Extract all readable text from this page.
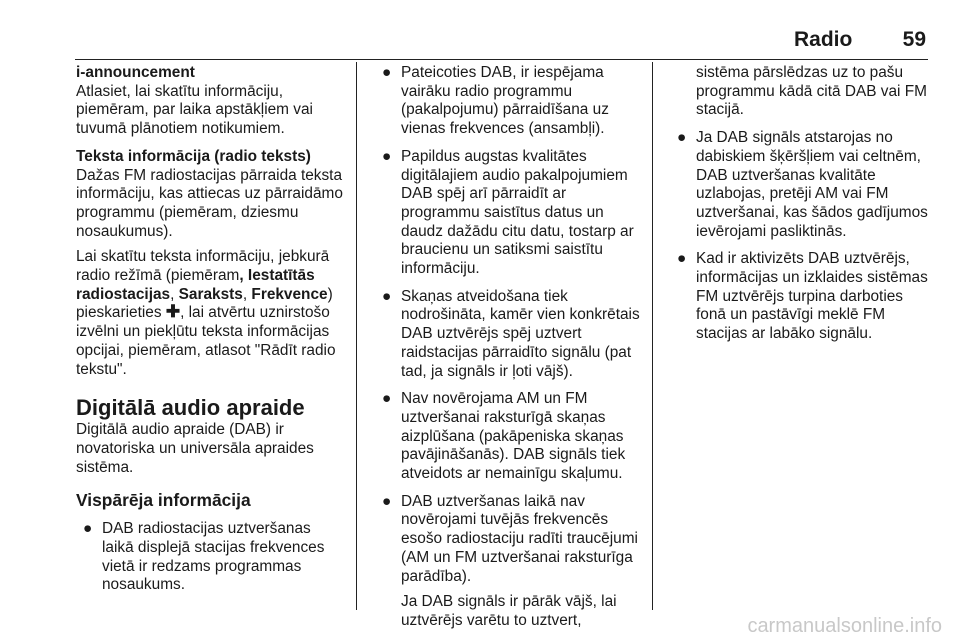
Radio 59

i-announcement

Atlasiet, lai skatītu informāciju, piemēram, par laika apstākļiem vai tuvumā plānotiem notikumiem.

Teksta informācija (radio teksts)

Dažas FM radiostacijas pārraida teksta informāciju, kas attiecas uz pārraidāmo programmu (piemēram, dziesmu nosaukumus).

Lai skatītu teksta informāciju, jebkurā radio režīmā (piemēram, Iestatītās radiostacijas, Saraksts, Frekvence) pieskarieties ✚, lai atvērtu uznirstošo izvēlni un piekļūtu teksta informācijas opcijai, piemēram, atlasot "Rādīt radio tekstu".

Digitālā audio apraide

Digitālā audio apraide (DAB) ir novatoriska un universāla apraides sistēma.

Vispārēja informācija

● DAB radiostacijas uztveršanas laikā displejā stacijas frekvences vietā ir redzams programmas nosaukums.

● Pateicoties DAB, ir iespējama vairāku radio programmu (pakalpojumu) pārraidīšana uz vienas frekvences (ansambļi).

● Papildus augstas kvalitātes digitālajiem audio pakalpojumiem DAB spēj arī pārraidīt ar programmu saistītus datus un daudz dažādu citu datu, tostarp ar braucienu un satiksmi saistītu informāciju.

● Skaņas atveidošana tiek nodrošināta, kamēr vien konkrētais DAB uztvērējs spēj uztvert raidstacijas pārraidīto signālu (pat tad, ja signāls ir ļoti vājš).

● Nav novērojama AM un FM uztveršanai raksturīgā skaņas aizplūšana (pakāpeniska skaņas pavājināšanās). DAB signāls tiek atveidots ar nemainīgu skaļumu.

● DAB uztveršanas laikā nav novērojami tuvējās frekvencēs esošo radiostaciju radīti traucējumi (AM un FM uztveršanai raksturīga parādība).

Ja DAB signāls ir pārāk vājš, lai uztvērējs varētu to uztvert,

sistēma pārslēdzas uz to pašu programmu kādā citā DAB vai FM stacijā.

● Ja DAB signāls atstarojas no dabiskiem šķēršļiem vai celtnēm, DAB uztveršanas kvalitāte uzlabojas, pretēji AM vai FM uztveršanai, kas šādos gadījumos ievērojami pasliktinās.

● Kad ir aktivizēts DAB uztvērējs, informācijas un izklaides sistēmas FM uztvērējs turpina darboties fonā un pastāvīgi meklē FM stacijas ar labāko signālu.

carmanualsonline.info
